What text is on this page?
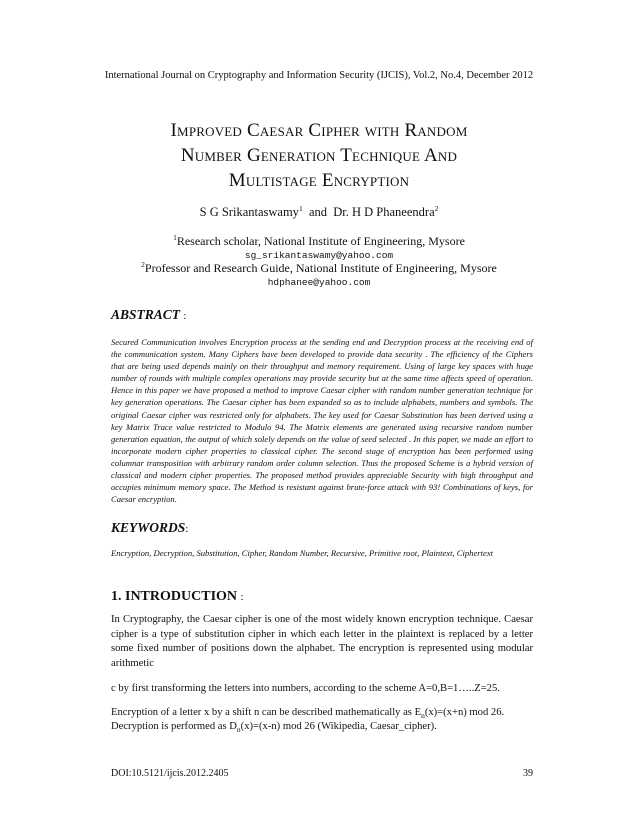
International Journal on Cryptography and Information Security (IJCIS), Vol.2, No.4, December 2012
Improved Caesar Cipher with Random
Number Generation Technique And
Multistage Encryption
S G Srikantaswamy$^1$ and Dr. H D Phaneendra$^2$
$^1$Research scholar, National Institute of Engineering, Mysore
sg_srikantaswamy@yahoo.com
$^2$Professor and Research Guide, National Institute of Engineering, Mysore
hdphanee@yahoo.com
ABSTRACT :
Secured Communication involves Encryption process at the sending end and Decryption process at the receiving end of the communication system. Many Ciphers have been developed to provide data security . The efficiency of the Ciphers that are being used depends mainly on their throughput and memory requirement. Using of large key spaces with huge number of rounds with multiple complex operations may provide security but at the same time affects speed of operation. Hence in this paper we have proposed a method to improve Caesar cipher with random number generation technique for key generation operations. The Caesar cipher has been expanded so as to include alphabets, numbers and symbols. The original Caesar cipher was restricted only for alphabets. The key used for Caesar Substitution has been derived using a key Matrix Trace value restricted to Modulo 94. The Matrix elements are generated using recursive random number generation equation, the output of which solely depends on the value of seed selected . In this paper, we made an effort to incorporate modern cipher properties to classical cipher. The second stage of encryption has been performed using columnar transposition with arbitrary random order column selection. Thus the proposed Scheme is a hybrid version of classical and modern cipher properties. The proposed method provides appreciable Security with high throughput and occupies minimum memory space. The Method is resistant against brute-force attack with 93! Combinations of keys, for Caesar encryption.
KEYWORDS:
Encryption, Decryption, Substitution, Cipher, Random Number, Recursive, Primitive root, Plaintext, Ciphertext
1. INTRODUCTION :
In Cryptography, the Caesar cipher is one of the most widely known encryption technique. Caesar cipher is a type of substitution cipher in which each letter in the plaintext is replaced by a letter some fixed number of positions down the alphabet. The encryption is represented using modular arithmetic
c by first transforming the letters into numbers, according to the scheme A=0,B=1…..Z=25.
Encryption of a letter x by a shift n can be described mathematically as $E_n(x)=(x+n)$ mod 26.
Decryption is performed as $D_n(x)=(x-n)$ mod 26 (Wikipedia, Caesar_cipher).
DOI:10.5121/ijcis.2012.2405	39
